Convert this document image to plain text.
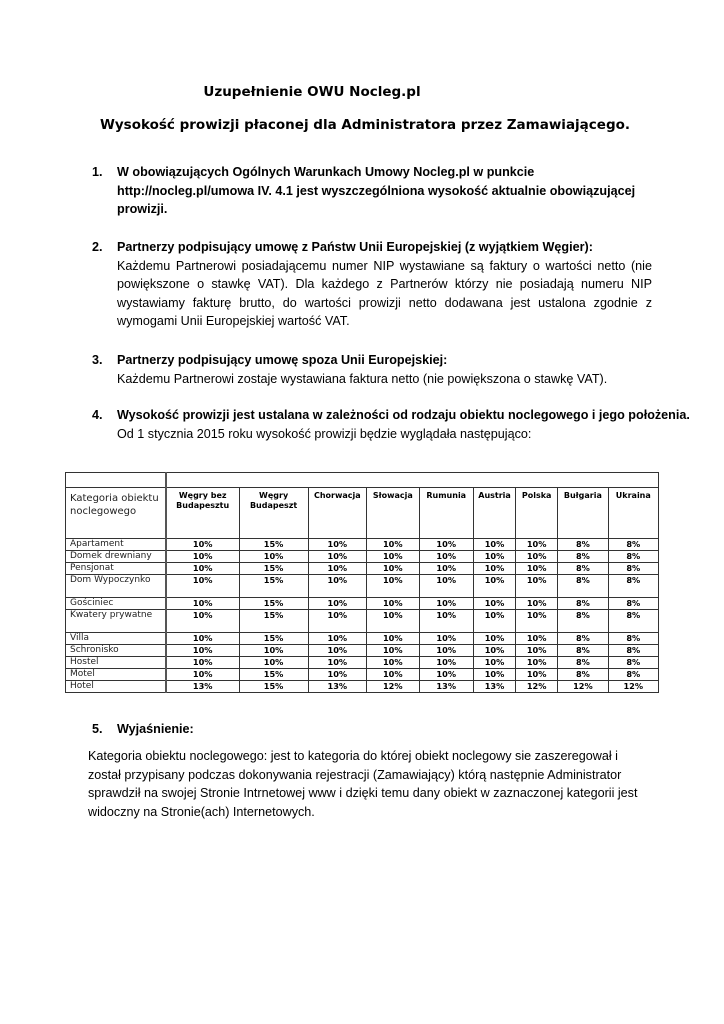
Uzupełnienie OWU Nocleg.pl
Wysokość prowizji płaconej dla Administratora przez Zamawiającego.
1. W obowiązujących Ogólnych Warunkach Umowy Nocleg.pl w punkcie http://nocleg.pl/umowa IV. 4.1 jest wyszczególniona wysokość aktualnie obowiązującej prowizji.
2. Partnerzy podpisujący umowę z Państw Unii Europejskiej (z wyjątkiem Węgier):
Każdemu Partnerowi posiadającemu numer NIP wystawiane są faktury o wartości netto (nie powiększone o stawkę VAT). Dla każdego z Partnerów którzy nie posiadają numeru NIP wystawiamy fakturę brutto, do wartości prowizji netto dodawana jest ustalona zgodnie z wymogami Unii Europejskiej wartość VAT.
3. Partnerzy podpisujący umowę spoza Unii Europejskiej:
Każdemu Partnerowi zostaje wystawiana faktura netto (nie powiększona o stawkę VAT).
4. Wysokość prowizji jest ustalana w zależności od rodzaju obiektu noclegowego i jego położenia.
Od 1 stycznia 2015 roku wysokość prowizji będzie wyglądała następująco:

Kategoria obiektu noclegowego	Węgry bez Budapesztu	Węgry Budapeszt	Chorwacja	Słowacja	Rumunia	Austria	Polska	Bułgaria	Ukraina
Apartament	10%	15%	10%	10%	10%	10%	10%	8%	8%
Domek drewniany	10%	10%	10%	10%	10%	10%	10%	8%	8%
Pensjonat	10%	15%	10%	10%	10%	10%	10%	8%	8%
Dom Wypoczynko	10%	15%	10%	10%	10%	10%	10%	8%	8%
Gościniec	10%	15%	10%	10%	10%	10%	10%	8%	8%
Kwatery prywatne	10%	15%	10%	10%	10%	10%	10%	8%	8%
Villa	10%	15%	10%	10%	10%	10%	10%	8%	8%
Schronisko	10%	10%	10%	10%	10%	10%	10%	8%	8%
Hostel	10%	10%	10%	10%	10%	10%	10%	8%	8%
Motel	10%	15%	10%	10%	10%	10%	10%	8%	8%
Hotel	13%	15%	13%	12%	13%	13%	12%	12%	12%
5. Wyjaśnienie:
Kategoria obiektu noclegowego: jest to kategoria do której obiekt noclegowy sie zaszeregował i został przypisany podczas dokonywania rejestracji (Zamawiający) którą następnie Administrator sprawdził na swojej Stronie Intrnetowej www i dzięki temu dany obiekt w zaznaczonej kategorii jest widoczny na Stronie(ach) Internetowych.
